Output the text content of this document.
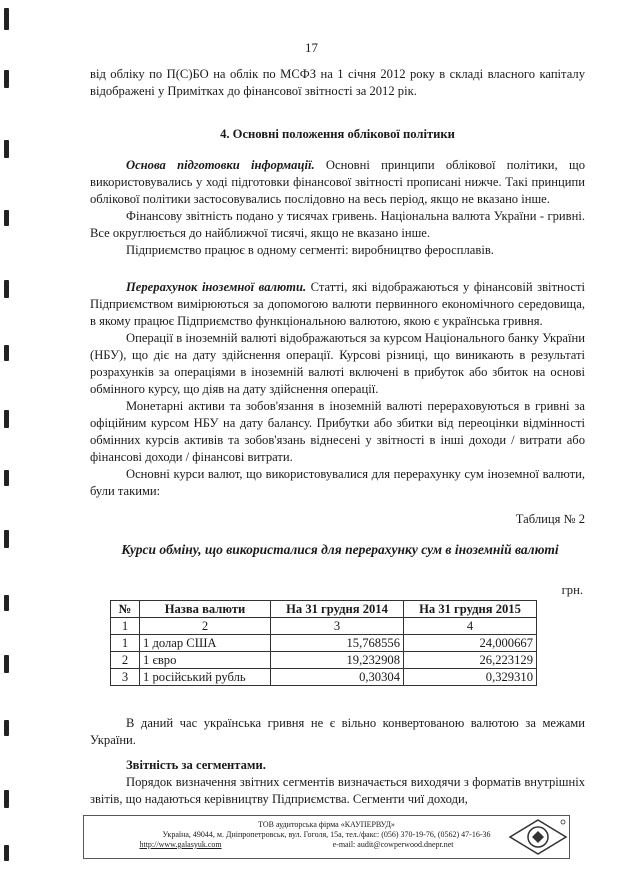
17

від обліку по П(С)БО на облік по МСФЗ на 1 січня 2012 року в складі власного капіталу відображені у Примітках до фінансової звітності за 2012 рік.

4. Основні положення облікової політики

Основа підготовки інформації. Основні принципи облікової політики, що використовувались у ході підготовки фінансової звітності прописані нижче. Такі принципи облікової політики застосовувались послідовно на весь період, якщо не вказано інше.

Фінансову звітність подано у тисячах гривень. Національна валюта України - гривні. Все округлюється до найближчої тисячі, якщо не вказано інше.

Підприємство працює в одному сегменті: виробництво феросплавів.

Перерахунок іноземної валюти. Статті, які відображаються у фінансовій звітності Підприємством вимірюються за допомогою валюти первинного економічного середовища, в якому працює Підприємство функціональною валютою, якою є українська гривня.

Операції в іноземній валюті відображаються за курсом Національного банку України (НБУ), що діє на дату здійснення операції. Курсові різниці, що виникають в результаті розрахунків за операціями в іноземній валюті включені в прибуток або збиток на основі обмінного курсу, що діяв на дату здійснення операції.

Монетарні активи та зобов'язання в іноземній валюті перераховуються в гривні за офіційним курсом НБУ на дату балансу. Прибутки або збитки від переоцінки відмінності обмінних курсів активів та зобов'язань віднесені у звітності в інші доходи / витрати або фінансові доходи / фінансові витрати.

Основні курси валют, що використовувалися для перерахунку сум іноземної валюти, були такими:

Таблиця № 2
Курси обміну, що використалися для перерахунку сум в іноземній валюті
грн.
№	Назва валюти	На 31 грудня 2014	На 31 грудня 2015
1	2	3	4
1	1 долар США	15,768556	24,000667
2	1 євро	19,232908	26,223129
3	1 російський рубль	0,30304	0,329310

В даний час українська гривня не є вільно конвертованою валютою за межами України.

Звітність за сегментами.

Порядок визначення звітних сегментів визначається виходячи з форматів внутрішніх звітів, що надаються керівництву Підприємства. Сегменти чиї доходи,

ТОВ аудиторська фірма «КАУПЕРВУД»
Україна, 49044, м. Дніпропетровськ, вул. Гоголя, 15а, тел./факс: (056) 370-19-76, (0562) 47-16-36
http://www.galasyuk.com	e-mail: audit@cowperwood.dnepr.net
